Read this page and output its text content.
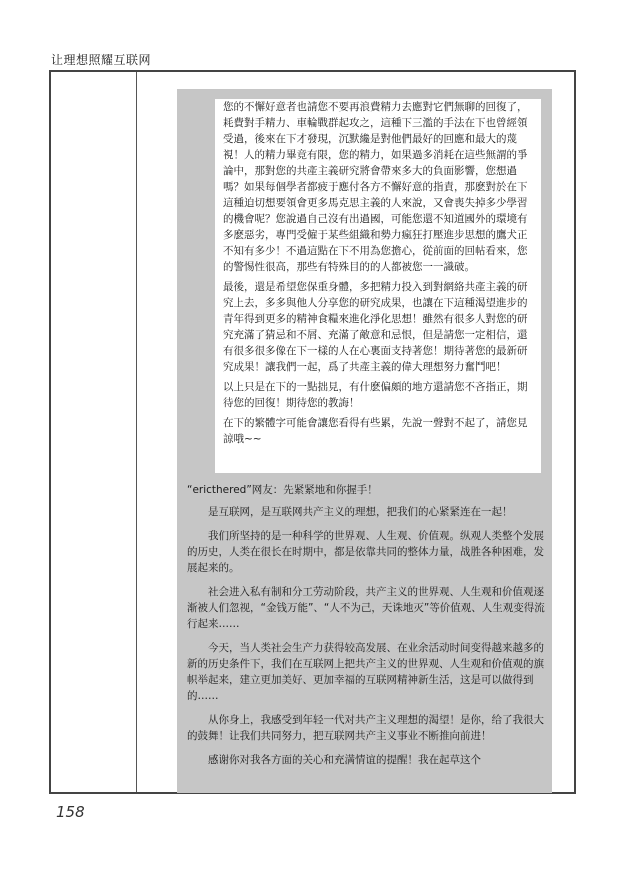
让理想照耀互联网

您的不懈好意者也請您不要再浪費精力去應對它們無聊的回復了，耗費對手精力、車輪戰群起攻之，這種下三濫的手法在下也曾經領受過，後來在下才發現，沉默纔是對他們最好的回應和最大的蔑視！人的精力畢竟有限，您的精力，如果過多消耗在這些無謂的爭論中，那對您的共產主義研究將會帶來多大的負面影響，您想過嗎？如果每個學者都疲于應付各方不懈好意的指責，那麽對於在下這種迫切想要領會更多馬克思主義的人來說，又會喪失掉多少學習的機會呢？您說過自己沒有出過國，可能您還不知道國外的環境有多麽惡劣，專門受僱于某些組織和勢力瘋狂打壓進步思想的鷹犬正不知有多少！不過這點在下不用為您擔心，從前面的回帖看來，您的警惕性很高，那些有特殊目的的人都被您一一識破。

最後，還是希望您保重身體，多把精力投入到對網絡共產主義的研究上去，多多與他人分享您的研究成果，也讓在下這種渴望進步的青年得到更多的精神食糧來進化淨化思想！雖然有很多人對您的研究充滿了猜忌和不屑、充滿了敵意和忌恨，但是請您一定相信，還有很多很多像在下一樣的人在心裏面支持著您！期待著您的最新研究成果！讓我們一起，爲了共產主義的偉大理想努力奮鬥吧！

以上只是在下的一點拙見，有什麽偏頗的地方還請您不吝指正，期待您的回復！期待您的教誨！

在下的繁體字可能會讓您看得有些累，先說一聲對不起了，請您見諒哦~~

“ericthered”网友：先紧紧地和你握手！

是互联网，是互联网共产主义的理想，把我们的心紧紧连在一起！

我们所坚持的是一种科学的世界观、人生观、价值观。纵观人类整个发展的历史，人类在很长在时期中，都是依靠共同的整体力量，战胜各种困难，发展起来的。

社会进入私有制和分工劳动阶段，共产主义的世界观、人生观和价值观逐渐被人们忽视，“金钱万能”、“人不为己，天诛地灭”等价值观、人生观变得流行起来……

今天，当人类社会生产力获得较高发展、在业余活动时间变得越来越多的新的历史条件下，我们在互联网上把共产主义的世界观、人生观和价值观的旗帜举起来，建立更加美好、更加幸福的互联网精神新生活，这是可以做得到的……

从你身上，我感受到年轻一代对共产主义理想的渴望！是你，给了我很大的鼓舞！让我们共同努力，把互联网共产主义事业不断推向前进！

感谢你对我各方面的关心和充满情谊的提醒！我在起草这个

158
